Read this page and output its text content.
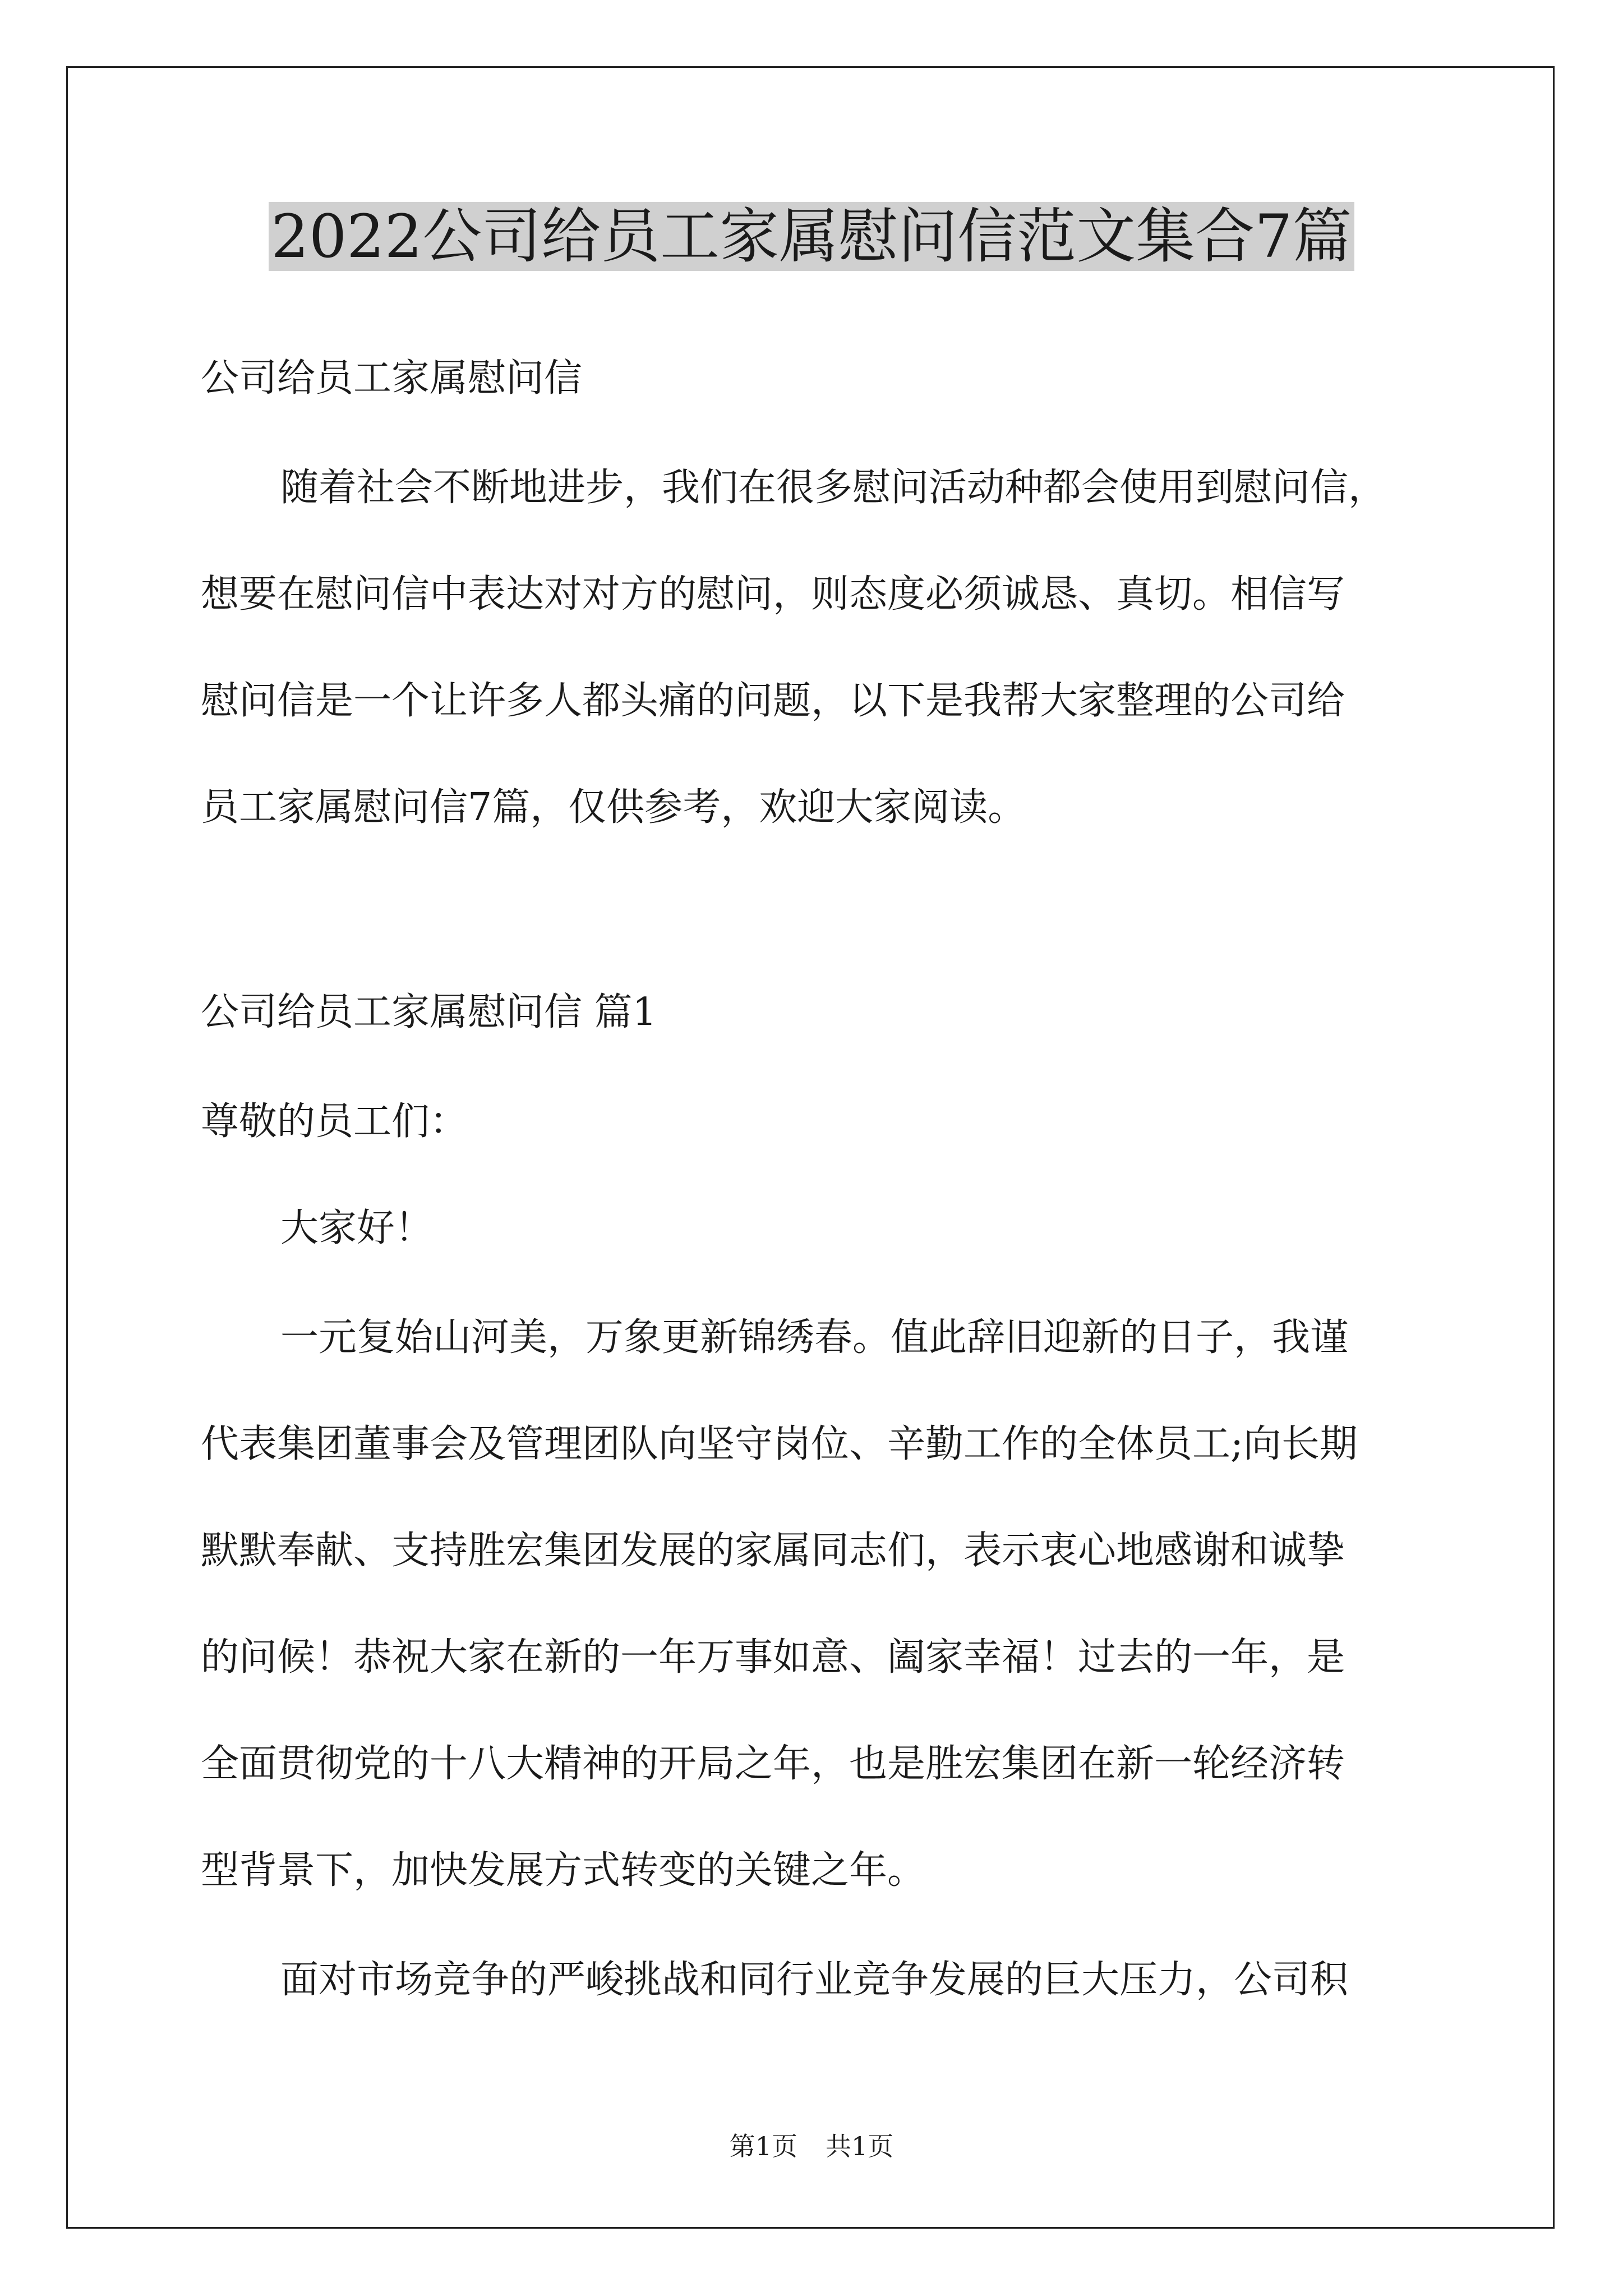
2022公司给员工家属慰问信范文集合7篇

公司给员工家属慰问信

随着社会不断地进步，我们在很多慰问活动种都会使用到慰问信，

想要在慰问信中表达对对方的慰问，则态度必须诚恳、真切。相信写

慰问信是一个让许多人都头痛的问题，以下是我帮大家整理的公司给

员工家属慰问信7篇，仅供参考，欢迎大家阅读。

公司给员工家属慰问信 篇1

尊敬的员工们：

大家好！

一元复始山河美，万象更新锦绣春。值此辞旧迎新的日子，我谨

代表集团董事会及管理团队向坚守岗位、辛勤工作的全体员工;向长期

默默奉献、支持胜宏集团发展的家属同志们，表示衷心地感谢和诚挚

的问候！恭祝大家在新的一年万事如意、阖家幸福！过去的一年，是

全面贯彻党的十八大精神的开局之年，也是胜宏集团在新一轮经济转

型背景下，加快发展方式转变的关键之年。

面对市场竞争的严峻挑战和同行业竞争发展的巨大压力，公司积

第1页 共1页
